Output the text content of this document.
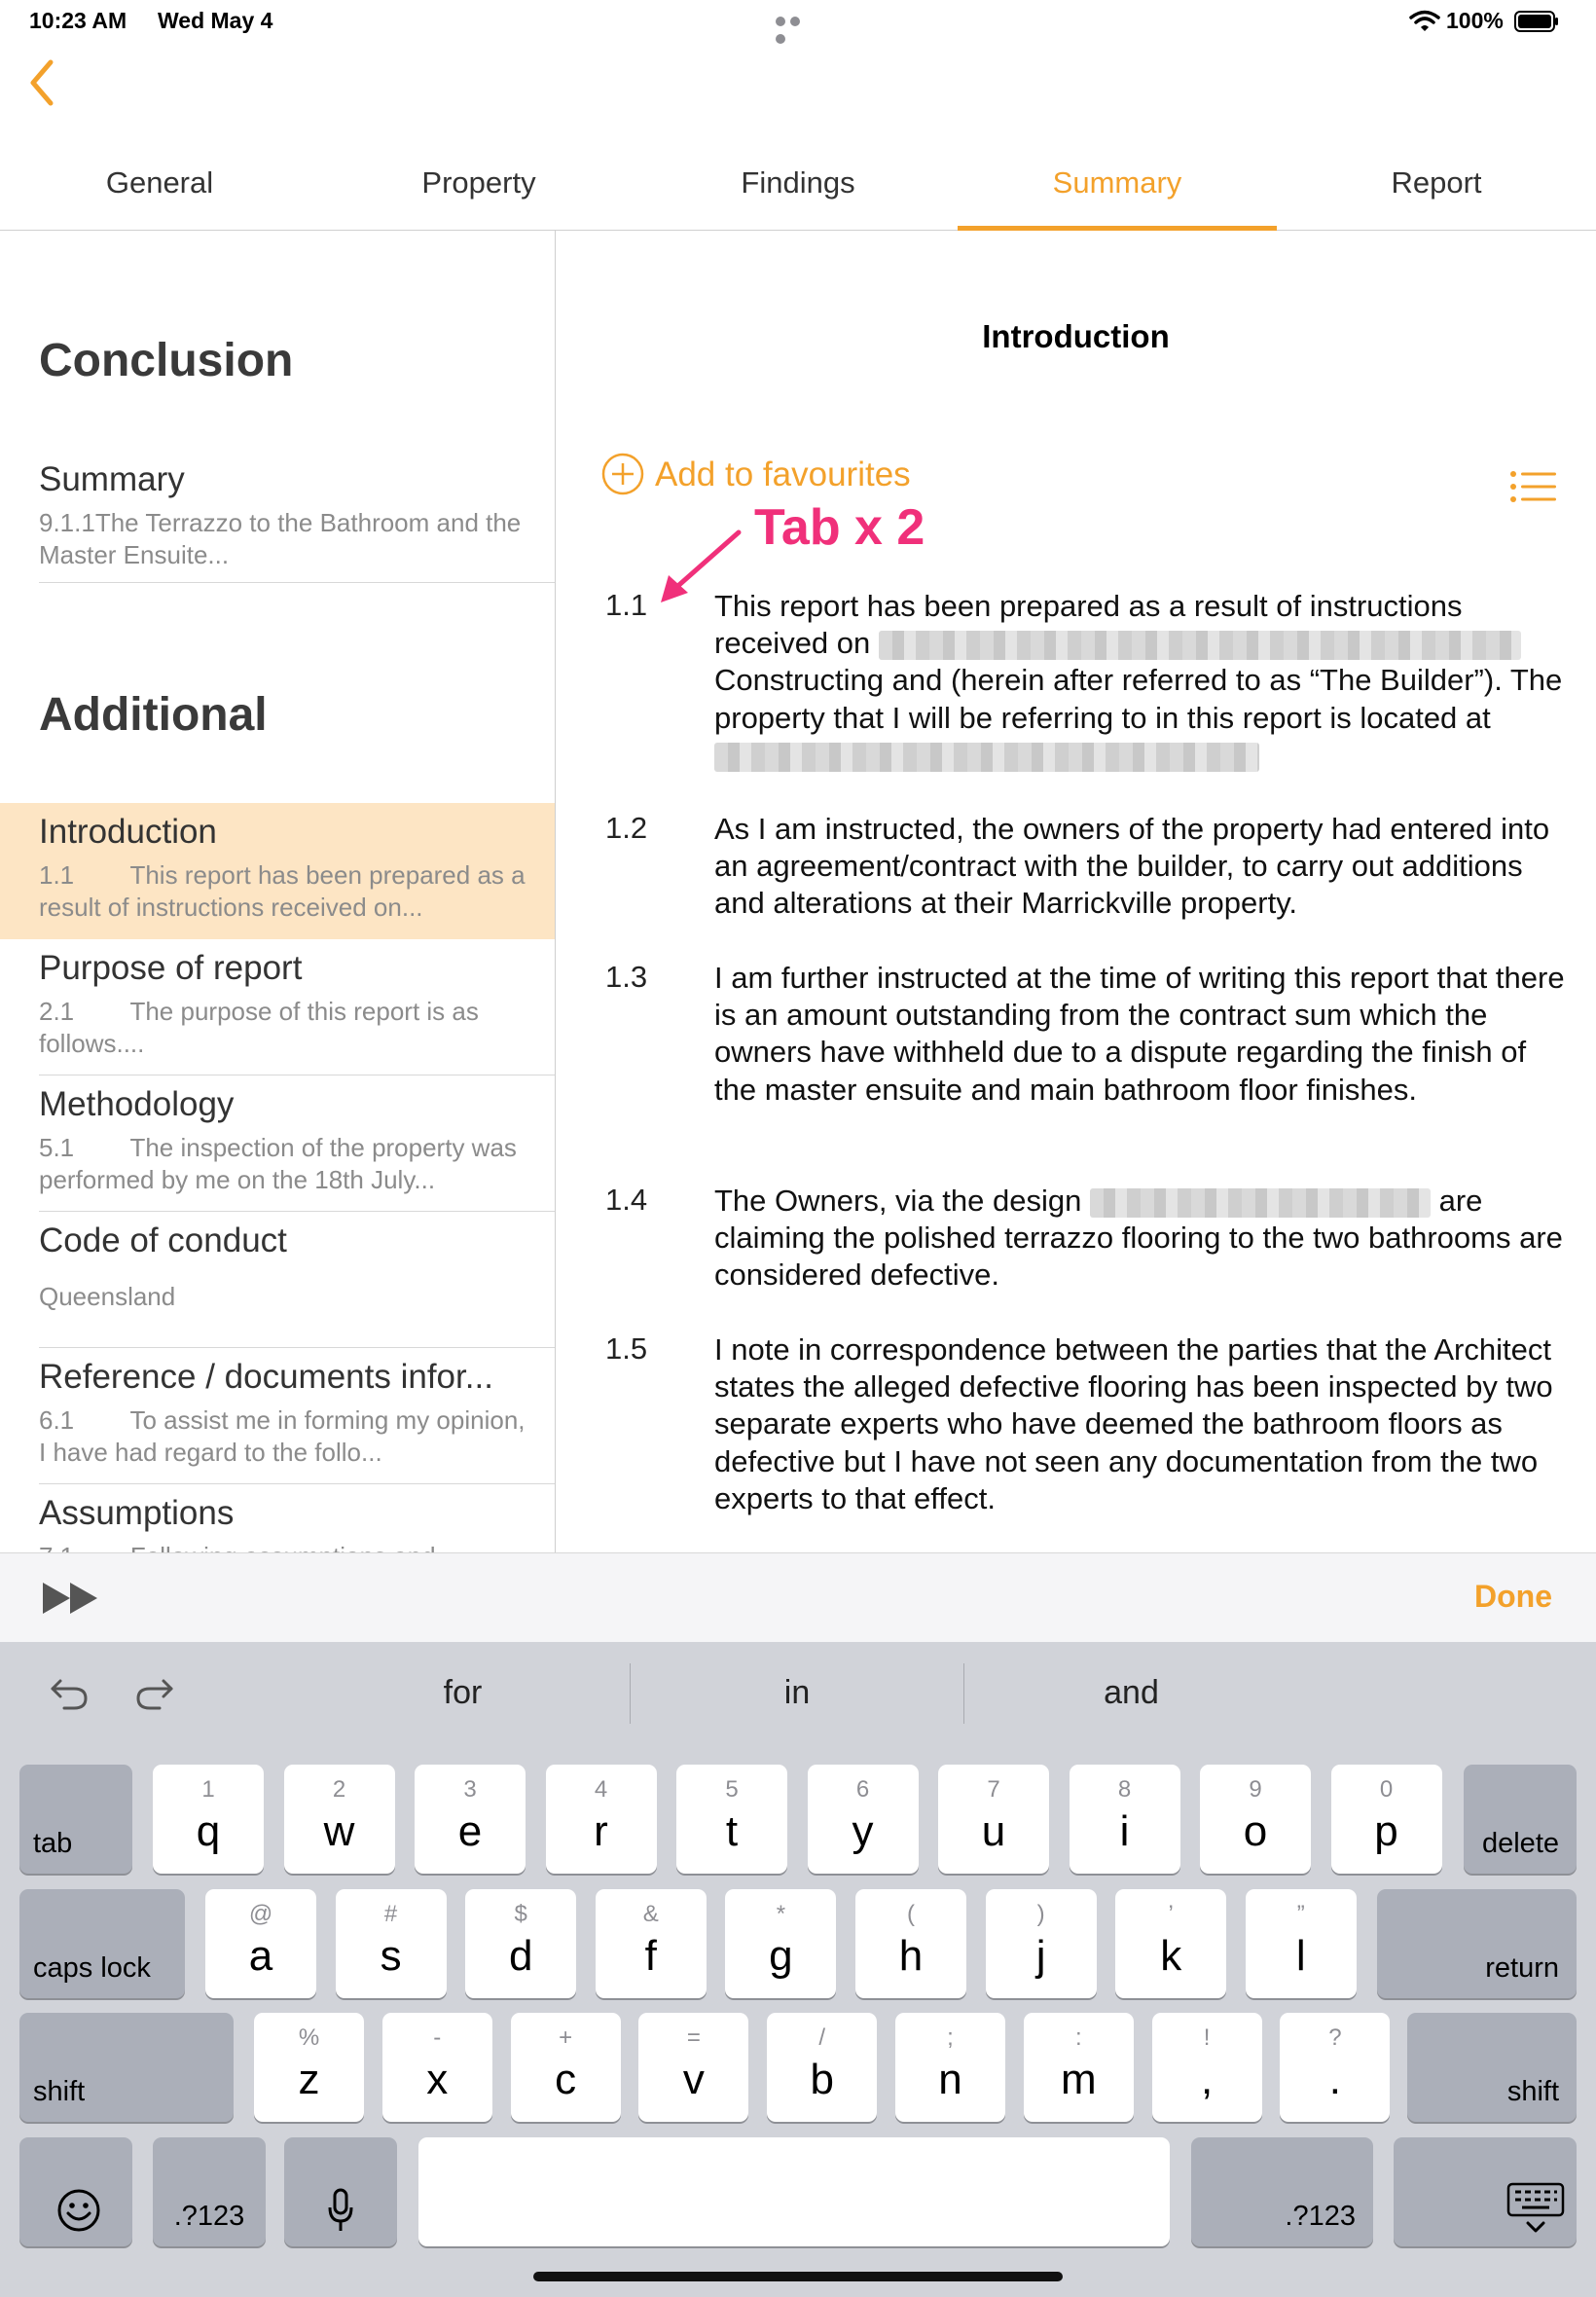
10:23 AM Wed May 4	100%
General	Property	Findings	Summary	Report
Conclusion
Summary
9.1.1The Terrazzo to the Bathroom and the Master Ensuite...
Additional
Introduction
1.1        This report has been prepared as a result of instructions received on...
Purpose of report
2.1        The purpose of this report is as follows....
Methodology
5.1        The inspection of the property was performed by me on the 18th July...
Code of conduct
Queensland
Reference / documents infor...
6.1        To assist me in forming my opinion, I have had regard to the follo...
Assumptions
Introduction
Add to favourites
Tab x 2
1.1 This report has been prepared as a result of instructions received on  Constructing and (herein after referred to as “The Builder”). The property that I will be referring to in this report is located at
1.2 As I am instructed, the owners of the property had entered into an agreement/contract with the builder, to carry out additions and alterations at their Marrickville property.
1.3 I am further instructed at the time of writing this report that there is an amount outstanding from the contract sum which the owners have withheld due to a dispute regarding the finish of the master ensuite and main bathroom floor finishes.
1.4 The Owners, via the design	are claiming the polished terrazzo flooring to the two bathrooms are considered defective.
1.5 I note in correspondence between the parties that the Architect states the alleged defective flooring has been inspected by two separate experts who have deemed the bathroom floors as defective but I have not seen any documentation from the two experts to that effect.
Done
for	in	and
tab	delete
caps lock	return
shift	shift
.?123	.?123
1
q
2
w
3
e
4
r
5
t
6
y
7
u
8
i
9
o
0
p
@
a
#
s
$
d
&
f
*
g
(
h
)
j
’
k
”
l
%
z
-
x
+
c
=
v
/
b
;
n
:
m
!
,
?
.
